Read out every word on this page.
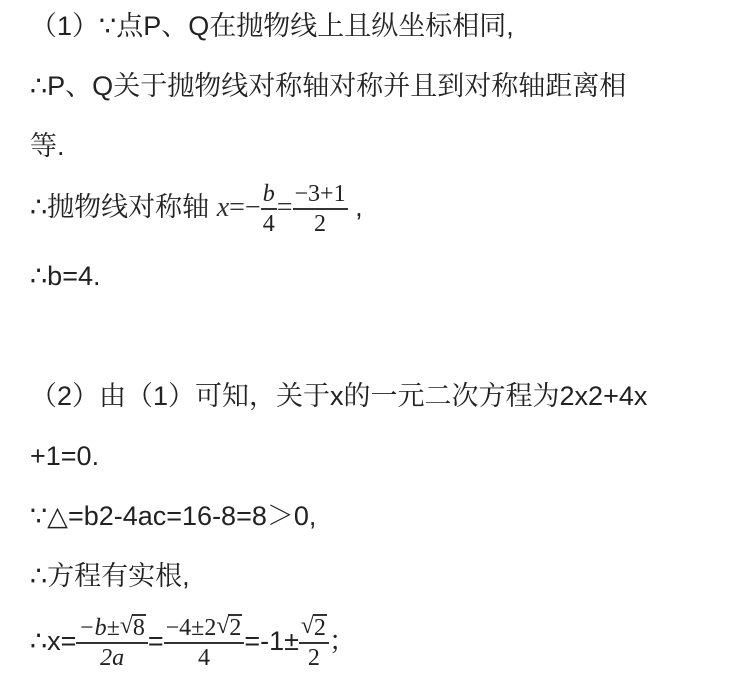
（1）∵点P、Q在抛物线上且纵坐标相同,
∴P、Q关于抛物线对称轴对称并且到对称轴距离相
等.
∴抛物线对称轴 $x=- \frac{b}{4} = \frac{-3+1}{2}$ ,
∴b=4.
（2）由（1）可知，关于x的一元二次方程为2x2+4x
+1=0.
∵△=b2-4ac=16-8=8＞0,
∴方程有实根,
∴x= $\frac{-b\pm √ 8}{2a} = \frac{-4\pm 2 √ 2}{4} =-1\pm \frac{√ 2}{2}$ ；
